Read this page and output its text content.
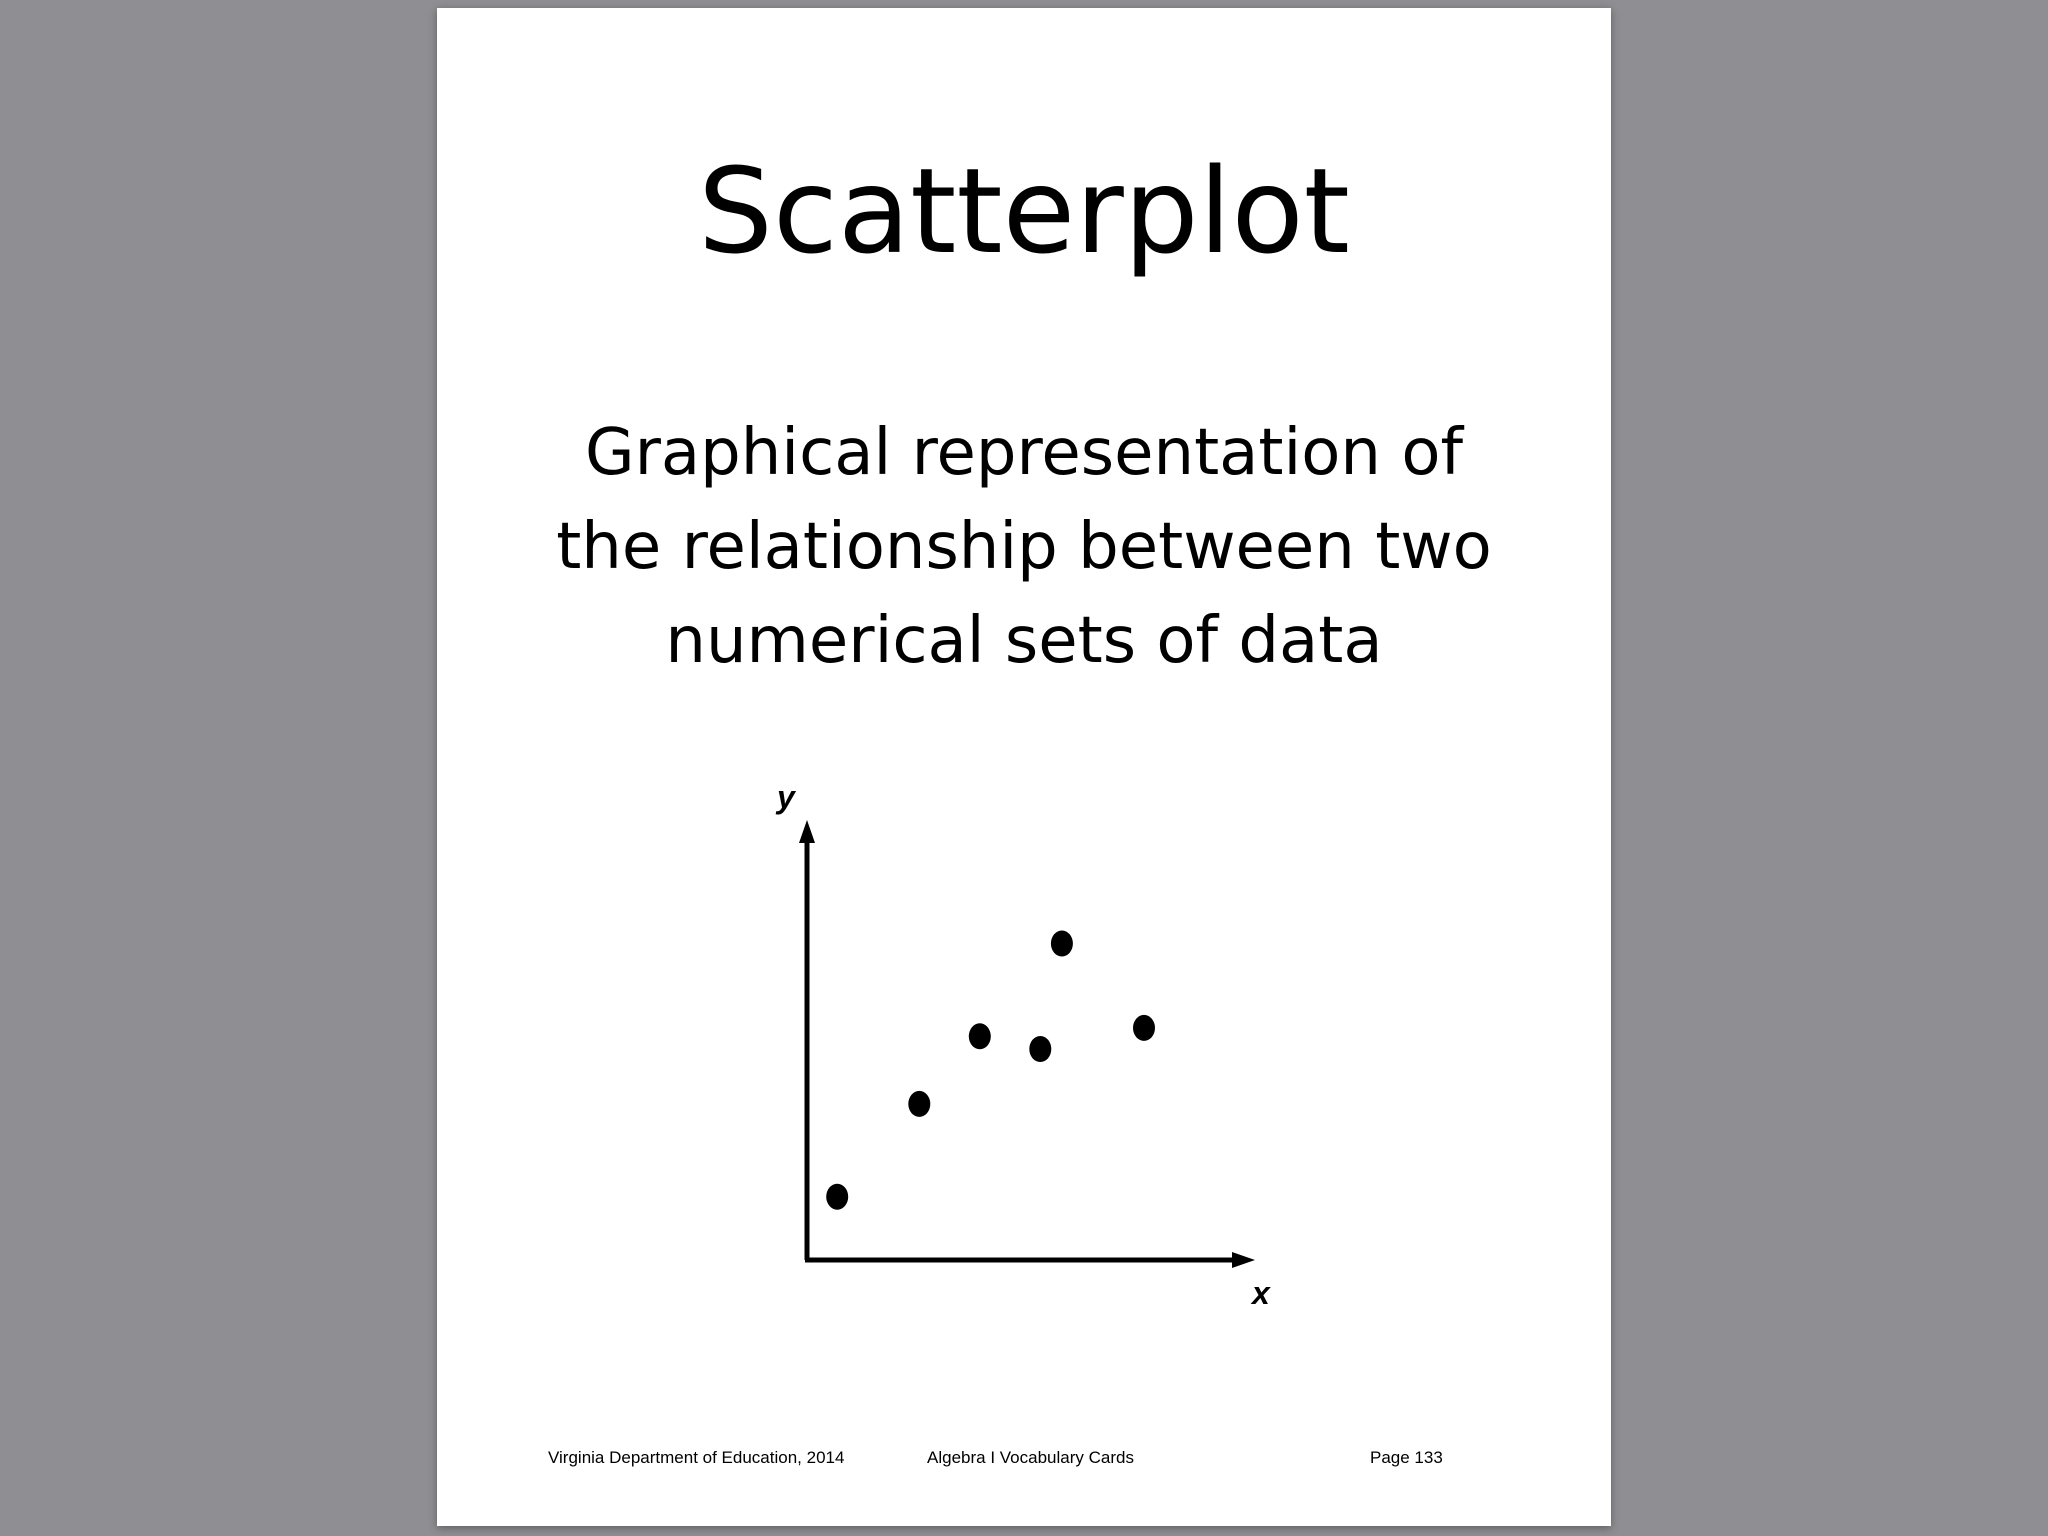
Scatterplot
Graphical representation of
the relationship between two
numerical sets of data
y
x
Virginia Department of Education, 2014	Algebra I Vocabulary Cards	Page 133
